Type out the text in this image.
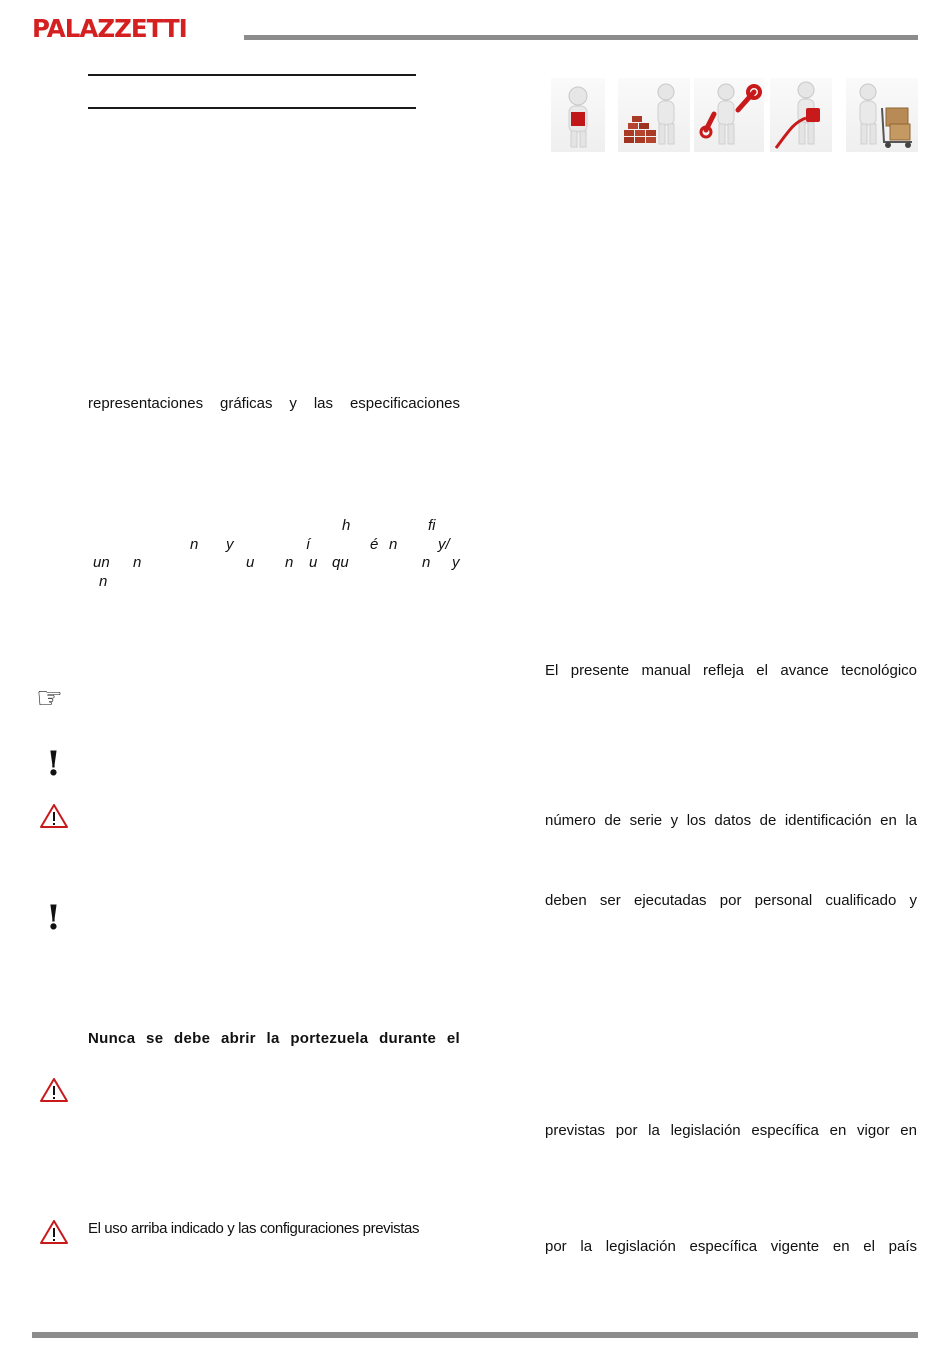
PALAZZETTI
representaciones gráficas y las especificaciones
h	fi
n y	í	é n	y/
un n	u n u qu	n y
n
☞
!
!
Nunca se debe abrir la portezuela durante el
El uso arriba indicado y las configuraciones previstas
El presente manual refleja el avance tecnológico
número de serie y los datos de identificación en la
deben ser ejecutadas por personal cualificado y
previstas por la legislación específica en vigor en
por la legislación específica vigente en el país
